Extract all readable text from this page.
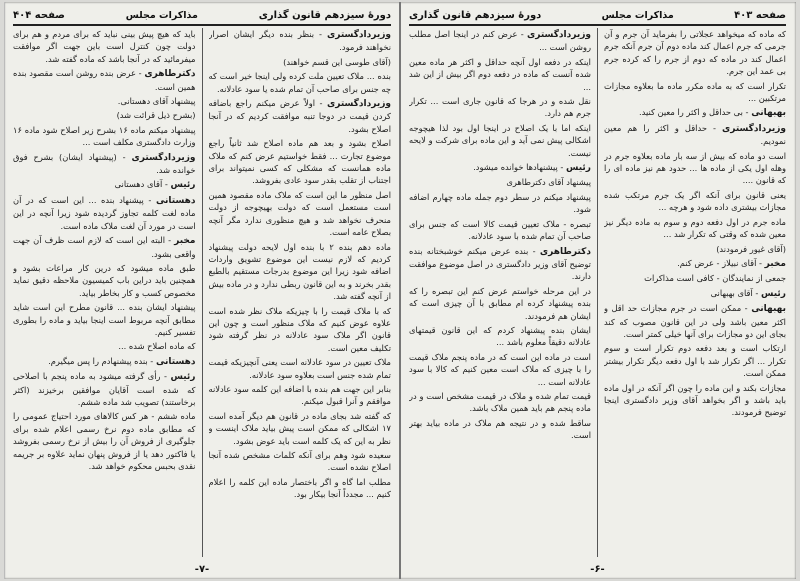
دورهٔ سیزدهم قانون گذاری
مذاکرات مجلس
صفحه ۴۰۴

وزیردادگستری - بنظر بنده دیگر ایشان اصرار نخواهند فرمود.

(آقای طوسی این قسم خواهند)

بنده ... ملاک تعیین ملت کرده ولی اینجا خیر است که چه جنس برای صاحب آن تمام شده یا سود عادلانه.

وزیردادگستری - اولاً عرض میکنم راجع باضافه کردن قیمت در دوجا تنبه موافقت کردیم که در آنجا اصلاح بشود.

اصلاح بشود و بعد هم ماده اصلاح شد ثانیاً راجع موضوع تجارت ... فقط خواستیم عرض کنم که ملاک ماده همانست که مشکلی که کسی نمیتواند برای اجتناب از تقلب بقدر سود عادی بفروشد.

اصل منظور ما این است که ملاک ماده مقصود همین است مستعمل است که دولت بهیچوجه از دولت منحرف نخواهد شد و هیچ منظوری ندارد مگر آنچه بصلاح عامه است.

ماده دهم بنده ۲ با بنده اول لایحه دولت پیشنهاد کردیم که لازم نیست این موضوع تشویق واردات اضافه شود زیرا این موضوع بدرجات مستقیم بالطبع بقدر بخرند و به این قانون ربطی ندارد و در ماده بیش از آنچه گفته شد.

که با ملاک قیمت را با چیزیکه ملاک نظر شده است علاوه عوض کنیم که ملاک منظور است و چون این قانون اگر ملاک سود عادلانه در نظر گرفته شود تکلیف معین است.

ملاک تعیین در سود عادلانه است یعنی آنچیزیکه قیمت تمام شده جنس است بعلاوه سود عادلانه.

بنابر این جهت هم بنده با اضافه این کلمه سود عادلانه موافقم و آنرا قبول میکنم.

که گفته شد بجای ماده در قانون هم دیگر آمده است ۱۷ اشکالی که ممکن است پیش بیاید ملاک اینست و نظر به این که یک کلمه است باید عوض بشود.

سعیده شود وهم برای آنکه کلمات مشخص شده آنجا اصلاح نشده است.

مطلب اما گاه و اگر باختصار ماده این کلمه را اعلام کنیم ... مجدداً آنجا بیکار بود.

باید که هیچ پیش بینی نباید که برای مردم و هم برای دولت چون کنترل است باین جهت اگر موافقت میفرمائید که در آنجا باشد که ماده گفته شد.

دکترطاهری - عرض بنده روشن است مقصود بنده همین است.

پیشنهاد آقای دهستانی.

(بشرح ذیل قرائت شد)

پیشنهاد میکنم ماده ۱۶ بشرح زیر اصلاح شود ماده ۱۶ وزارت دادگستری مکلف است ...

وزیردادگستری - (پیشنهاد ایشان) بشرح فوق خوانده شد.

رئیس - آقای دهستانی

دهستانی - پیشنهاد بنده ... این است که در آن ماده لغت کلمه تجاوز گردیده شود زیرا آنچه در این است در مورد آن لغت ملاک ماده است.

مخبر - البته این است که لازم است ظرف آن جهت واقعی بشود.

طبق ماده میشود که درین کار مراعات بشود و همچنین باید دراین باب کمیسیون ملاحظه دقیق نماید مخصوص کسب و کار بخاطر بیاید.

پیشنهاد ایشان بنده ... قانون مطرح این است شاید مطابق آنچه مربوط است اینجا بیاید و ماده را بطوری تفسیر کنیم.

که ماده اصلاح شده ...

دهستانی - بنده پیشنهادم را پس میگیرم.

رئیس - رأی گرفته میشود به ماده پنجم با اصلاحی که شده است آقایان موافقین برخیزند (اکثر برخاستند) تصویب شد ماده ششم.

ماده ششم - هر کس کالاهای مورد احتیاج عمومی را که مطابق ماده دوم نرخ رسمی اعلام شده برای جلوگیری از فروش آن را بیش از نرخ رسمی بفروشد یا فاکتور دهد یا از فروش پنهان نماید علاوه بر جریمه نقدی بحبس محکوم خواهد شد.

-۷-
صفحه ۴۰۳
مذاکرات مجلس
دورهٔ سیزدهم قانون گذاری

که ماده که میخواهد عجلاتی را بفرماید آن جرم و آن جرمی که جرم اعمال کند ماده دوم آن جرم آنکه جرم اعمال کند در ماده که دوم از جرم را که کرده جرم بی عمد این جرم.

تکرار است که به ماده مکرر ماده ما بعلاوه مجازات مرتکبین ...

بهبهانی - بی حداقل و اکثر را معین کنید.

وزیردادگستری - حداقل و اکثر را هم معین نمودیم.

است دو ماده که بیش از سه بار ماده بعلاوه جرم در وهله اول یکی از ماده ها ... حدود هم نیز ماده ای را که قانون ....

یعنی قانون برای آنکه اگر یک جرم مرتکب شده مجازات بیشتری داده شود و هرچه ...

ماده جرم در اول دفعه دوم و سوم به ماده دیگر نیز معین شده که وقتی که تکرار شد ...

(آقای غیور فرمودند)

مخبر - آقای نبیلاز - عرض کنم.

جمعی از نمایندگان - کافی است مذاکرات

رئیس - آقای بهبهانی

بهبهانی - ممکن است در جرم مجازات حد اقل و اکثر معین باشد ولی در این قانون مصوب که کند بجای این دو مجازات برای آنها خیلی کمتر است.

ارتکاب است و بعد دفعه دوم تکرار است و سوم تکرار ... اگر تکرار شد با اول دفعه دیگر تکرار بیشتر ممکن است.

مجازات بکند و این ماده را چون اگر آنکه در اول ماده باید باشد و اگر بخواهد آقای وزیر دادگستری اینجا توضیح فرمودند.

وزیردادگستری - عرض کنم در اینجا اصل مطلب روشن است ...

اینکه در دفعه اول آنچه حداقل و اکثر هر ماده معین شده آنست که ماده در دفعه دوم اگر بیش از این شد ...

نقل شده و در هرجا که قانون جاری است ... تکرار جرم هم دارد.

اینکه اما با یک اصلاح در اینجا اول بود لذا هیچوجه اشکالی پیش نمی آید و این ماده برای شرکت و لایحه نیست.

رئیس - پیشنهادها خوانده میشود.

پیشنهاد آقای دکترطاهری

پیشنهاد میکنم در سطر دوم جمله ماده چهارم اضافه شود.

تبصره - ملاک تعیین قیمت کالا است که جنس برای صاحب آن تمام شده با سود عادلانه.

دکترطاهری - بنده عرض میکنم خوشبختانه بنده توضیح آقای وزیر دادگستری در اصل موضوع موافقت دارند.

در این مرحله خواستم عرض کنم این تبصره را که بنده پیشنهاد کرده ام مطابق با آن چیزی است که ایشان هم فرمودند.

ایشان بنده پیشنهاد کردم که این قانون قیمتهای عادلانه دقیقاً معلوم باشد ...

است در ماده این است که در ماده پنجم ملاک قیمت را با چیزی که ملاک است معین کنیم که کالا با سود عادلانه است ...

قیمت تمام شده و ملاک در قیمت مشخص است و در ماده پنجم هم باید همین ملاک باشد.

ساقط شده و در نتیجه هم ملاک در ماده بیاید بهتر است.

-۶-
